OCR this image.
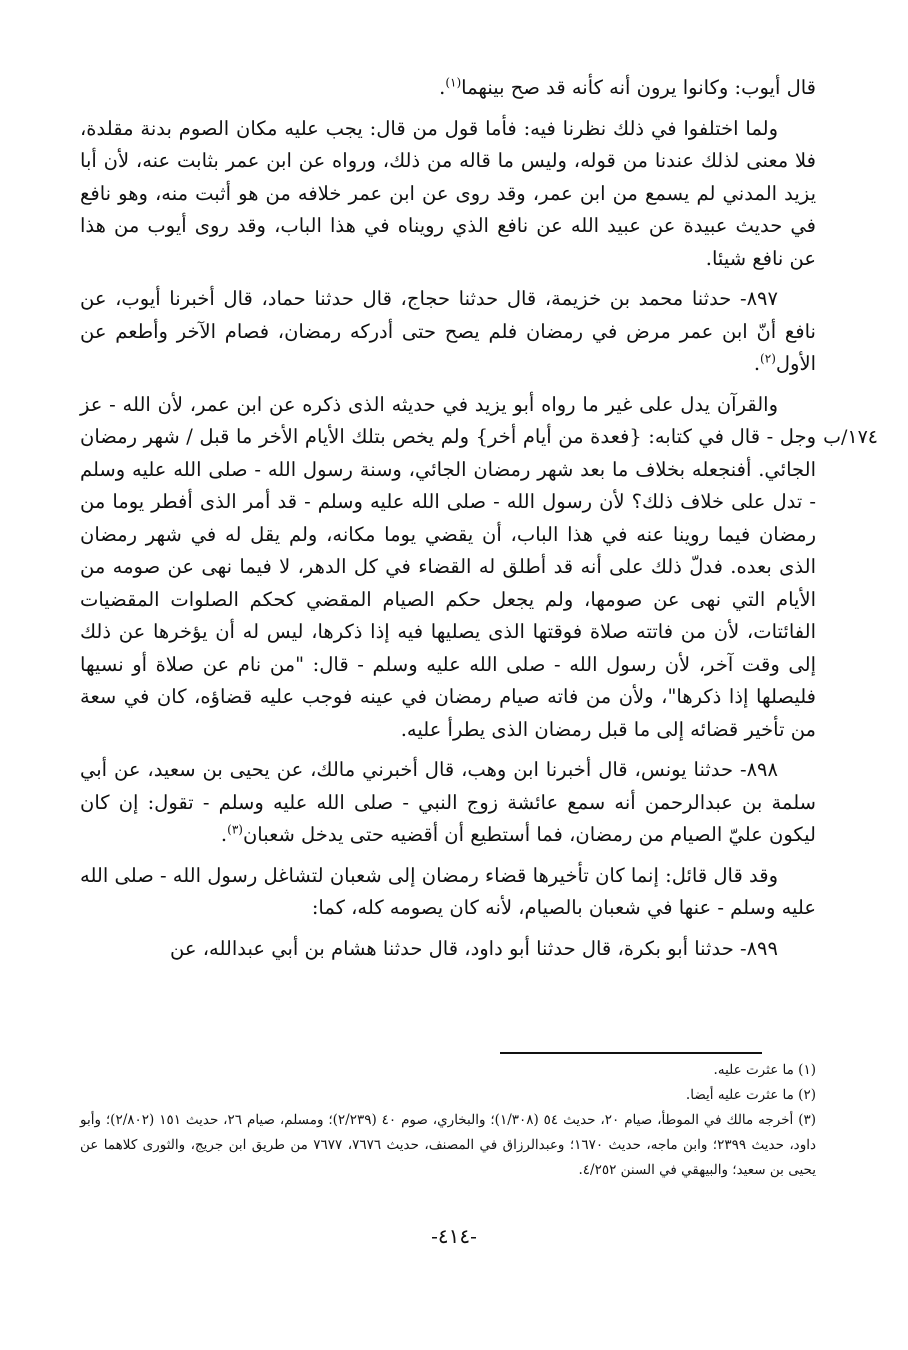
قال أيوب: وكانوا يرون أنه كأنه قد صح بينهما$^{(١)}$.

ولما اختلفوا في ذلك نظرنا فيه: فأما قول من قال: يجب عليه مكان الصوم بدنة مقلدة، فلا معنى لذلك عندنا من قوله، وليس ما قاله من ذلك، ورواه عن ابن عمر بثابت عنه، لأن أبا يزيد المدني لم يسمع من ابن عمر، وقد روى عن ابن عمر خلافه من هو أثبت منه، وهو نافع في حديث عبيدة عن عبيد الله عن نافع الذي رويناه في هذا الباب، وقد روى أيوب من هذا عن نافع شيئا.

٨٩٧- حدثنا محمد بن خزيمة، قال حدثنا حجاج، قال حدثنا حماد، قال أخبرنا أيوب، عن نافع أنّ ابن عمر مرض في رمضان فلم يصح حتى أدركه رمضان، فصام الآخر وأطعم عن الأول$^{(٢)}$.

١٧٤/ب

والقرآن يدل على غير ما رواه أبو يزيد في حديثه الذى ذكره عن ابن عمر، لأن الله - عز وجل - قال في كتابه: {فعدة من أيام أخر} ولم يخص بتلك الأيام الأخر ما قبل / شهر رمضان الجائي. أفنجعله بخلاف ما بعد شهر رمضان الجائي، وسنة رسول الله - صلى الله عليه وسلم - تدل على خلاف ذلك؟ لأن رسول الله - صلى الله عليه وسلم - قد أمر الذى أفطر يوما من رمضان فيما روينا عنه في هذا الباب، أن يقضي يوما مكانه، ولم يقل له في شهر رمضان الذى بعده. فدلّ ذلك على أنه قد أطلق له القضاء في كل الدهر، لا فيما نهى عن صومه من الأيام التي نهى عن صومها، ولم يجعل حكم الصيام المقضي كحكم الصلوات المقضيات الفائتات، لأن من فاتته صلاة فوقتها الذى يصليها فيه إذا ذكرها، ليس له أن يؤخرها عن ذلك إلى وقت آخر، لأن رسول الله - صلى الله عليه وسلم - قال: "من نام عن صلاة أو نسيها فليصلها إذا ذكرها"، ولأن من فاته صيام رمضان في عينه فوجب عليه قضاؤه، كان في سعة من تأخير قضائه إلى ما قبل رمضان الذى يطرأ عليه.

٨٩٨- حدثنا يونس، قال أخبرنا ابن وهب، قال أخبرني مالك، عن يحيى بن سعيد، عن أبي سلمة بن عبدالرحمن أنه سمع عائشة زوج النبي - صلى الله عليه وسلم - تقول: إن كان ليكون عليّ الصيام من رمضان، فما أستطيع أن أقضيه حتى يدخل شعبان$^{(٣)}$.

وقد قال قائل: إنما كان تأخيرها قضاء رمضان إلى شعبان لتشاغل رسول الله - صلى الله عليه وسلم - عنها في شعبان بالصيام، لأنه كان يصومه كله، كما:

٨٩٩- حدثنا أبو بكرة، قال حدثنا أبو داود، قال حدثنا هشام بن أبي عبدالله، عن

(١) ما عثرت عليه.

(٢) ما عثرت عليه أيضا.

(٣) أخرجه مالك في الموطأ، صيام ٢٠، حديث ٥٤ (١/٣٠٨)؛ والبخاري، صوم ٤٠ (٢/٢٣٩)؛ ومسلم، صيام ٢٦، حديث ١٥١ (٢/٨٠٢)؛ وأبو داود، حديث ٢٣٩٩؛ وابن ماجه، حديث ١٦٧٠؛ وعبدالرزاق في المصنف، حديث ٧٦٧٦، ٧٦٧٧ من طريق ابن جريج، والثورى كلاهما عن يحيى بن سعيد؛ والبيهقي في السنن ٤/٢٥٢.

-٤١٤-
